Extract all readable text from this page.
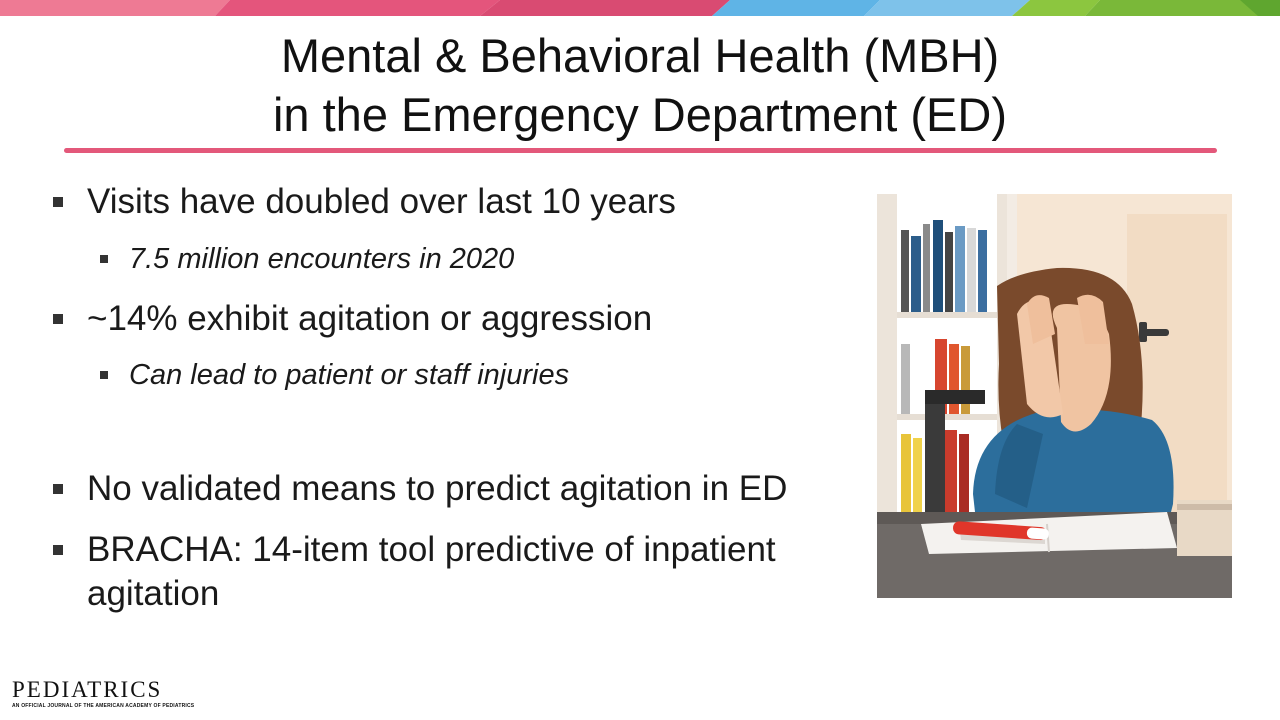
Mental & Behavioral Health (MBH)
in the Emergency Department (ED)
Visits have doubled over last 10 years
7.5 million encounters in 2020
~14% exhibit agitation or aggression
Can lead to patient or staff injuries
No validated means to predict agitation in ED
BRACHA: 14-item tool predictive of inpatient
agitation
PEDIATRICS
AN OFFICIAL JOURNAL OF THE AMERICAN ACADEMY OF PEDIATRICS
